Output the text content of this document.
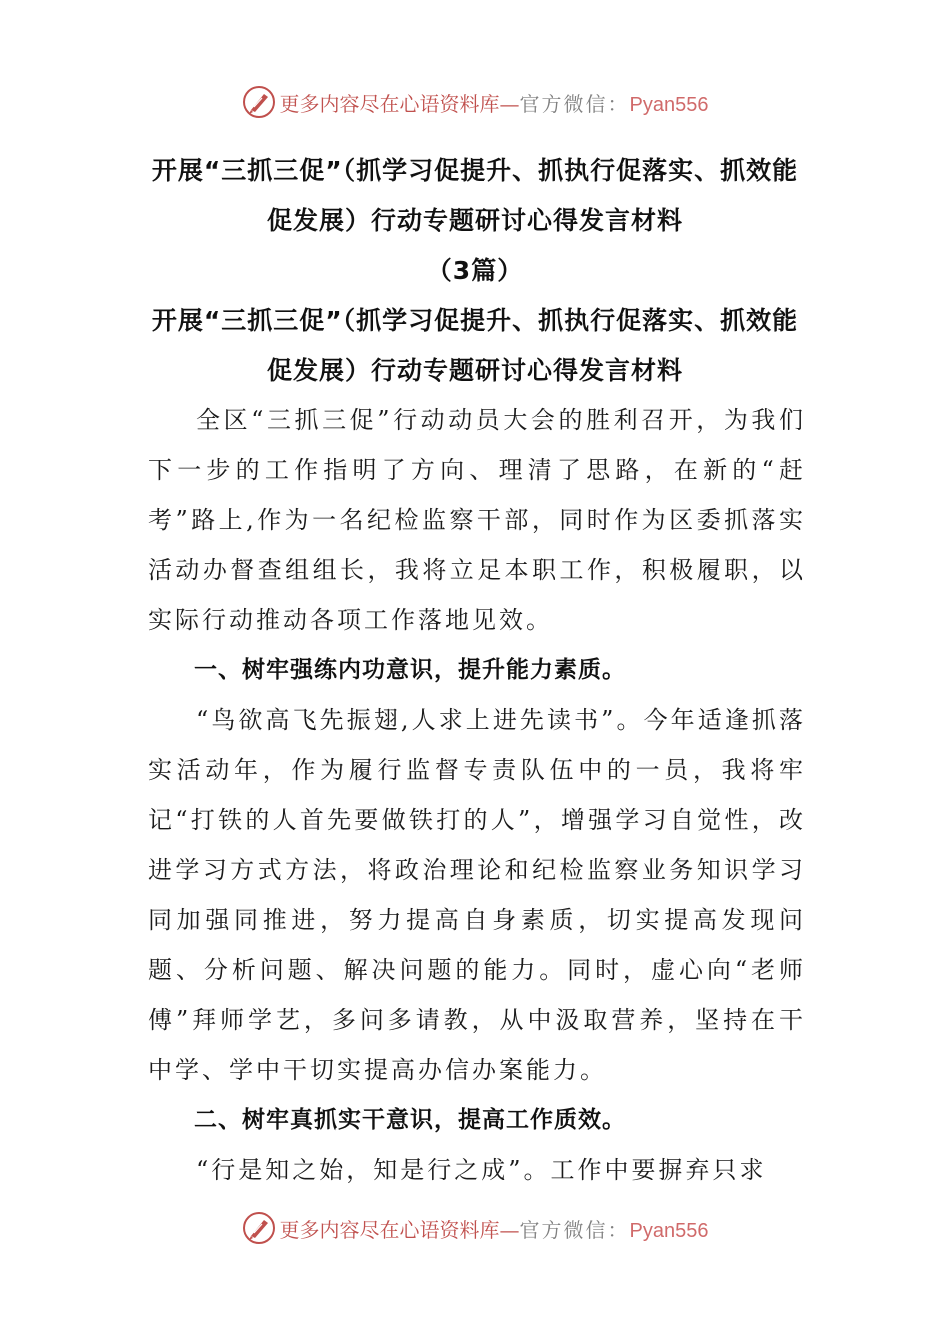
更多内容尽在心语资料库—官方微信：Pyan556
开展“三抓三促”（抓学习促提升、抓执行促落实、抓效能促发展）行动专题研讨心得发言材料
（3篇）
开展“三抓三促”（抓学习促提升、抓执行促落实、抓效能促发展）行动专题研讨心得发言材料

全区“三抓三促”行动动员大会的胜利召开，为我们下一步的工作指明了方向、理清了思路，在新的“赶考”路上,作为一名纪检监察干部，同时作为区委抓落实活动办督查组组长，我将立足本职工作，积极履职，以实际行动推动各项工作落地见效。

一、树牢强练内功意识，提升能力素质。

“鸟欲高飞先振翅,人求上进先读书”。今年适逢抓落实活动年，作为履行监督专责队伍中的一员，我将牢记“打铁的人首先要做铁打的人”，增强学习自觉性，改进学习方式方法，将政治理论和纪检监察业务知识学习同加强同推进，努力提高自身素质，切实提高发现问题、分析问题、解决问题的能力。同时，虚心向“老师傅”拜师学艺，多问多请教，从中汲取营养，坚持在干中学、学中干切实提高办信办案能力。

二、树牢真抓实干意识，提高工作质效。

“行是知之始，知是行之成”。工作中要摒弃只求

更多内容尽在心语资料库—官方微信：Pyan556
